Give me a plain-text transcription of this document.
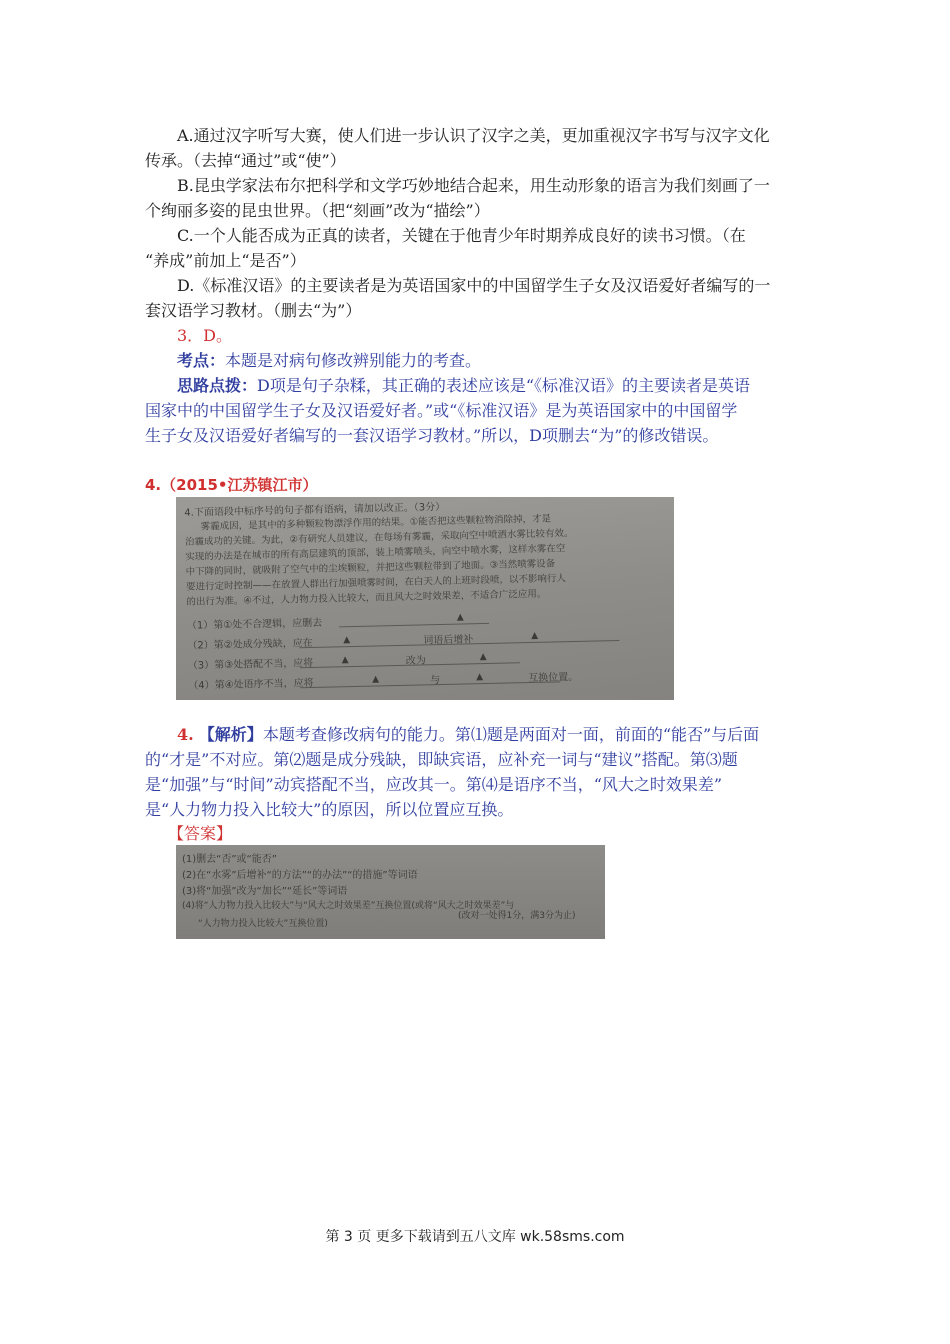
A.通过汉字听写大赛，使人们进一步认识了汉字之美，更加重视汉字书写与汉字文化

传承。（去掉“通过”或“使”）

B.昆虫学家法布尔把科学和文学巧妙地结合起来，用生动形象的语言为我们刻画了一

个绚丽多姿的昆虫世界。（把“刻画”改为“描绘”）

C.一个人能否成为正真的读者，关键在于他青少年时期养成良好的读书习惯。（在

“养成”前加上“是否”）

D.《标准汉语》的主要读者是为英语国家中的中国留学生子女及汉语爱好者编写的一

套汉语学习教材。（删去“为”）

3．D。

考点：本题是对病句修改辨别能力的考查。

思路点拨：D项是句子杂糅，其正确的表述应该是“《标准汉语》的主要读者是英语

国家中的中国留学生子女及汉语爱好者。”或“《标准汉语》是为英语国家中的中国留学

生子女及汉语爱好者编写的一套汉语学习教材。”所以，D项删去“为”的修改错误。

4.（2015•江苏镇江市）
4.下面语段中标序号的句子都有语病，请加以改正。（3分）
雾霾成因，是其中的多种颗粒物漂浮作用的结果。①能否把这些颗粒物消除掉，才是
治霾成功的关键。为此，②有研究人员建议，在每场有雾霾，采取向空中喷洒水雾比较有效。
实现的办法是在城市的所有高层建筑的顶部，装上喷雾喷头，向空中喷水雾，这样水雾在空
中下降的同时，就吸附了空气中的尘埃颗粒，并把这些颗粒带到了地面。③当然喷雾设备
要进行定时控制——在放置人群出行加强喷雾时间，在白天人的上班时段喷，以不影响行人
的出行为准。④不过，人力物力投入比较大，而且风大之时效果差，不适合广泛应用。
（1）第①处不合逻辑，应删去
▲
（2）第②处成分残缺，应在	▲	词语后增补	▲
（3）第③处搭配不当，应将	▲	改为	▲
（4）第④处语序不当，应将	▲	与	▲	互换位置。

4. 【解析】本题考查修改病句的能力。第⑴题是两面对一面，前面的“能否”与后面

的“才是”不对应。第⑵题是成分残缺，即缺宾语，应补充一词与“建议”搭配。第⑶题

是“加强”与“时间”动宾搭配不当，应改其一。第⑷是语序不当，“风大之时效果差”

是“人力物力投入比较大”的原因，所以位置应互换。

【答案】

(1)删去“否”或“能否”
(2)在“水雾”后增补“的方法”“的办法”“的措施”等词语
(3)将“加强”改为“加长”“延长”等词语
(4)将“人力物力投入比较大”与“风大之时效果差”互换位置(或将“风大之时效果差”与
“人力物力投入比较大”互换位置)
(改对一处得1分，满3分为止)
第 3 页 更多下载请到五八文库 wk.58sms.com
